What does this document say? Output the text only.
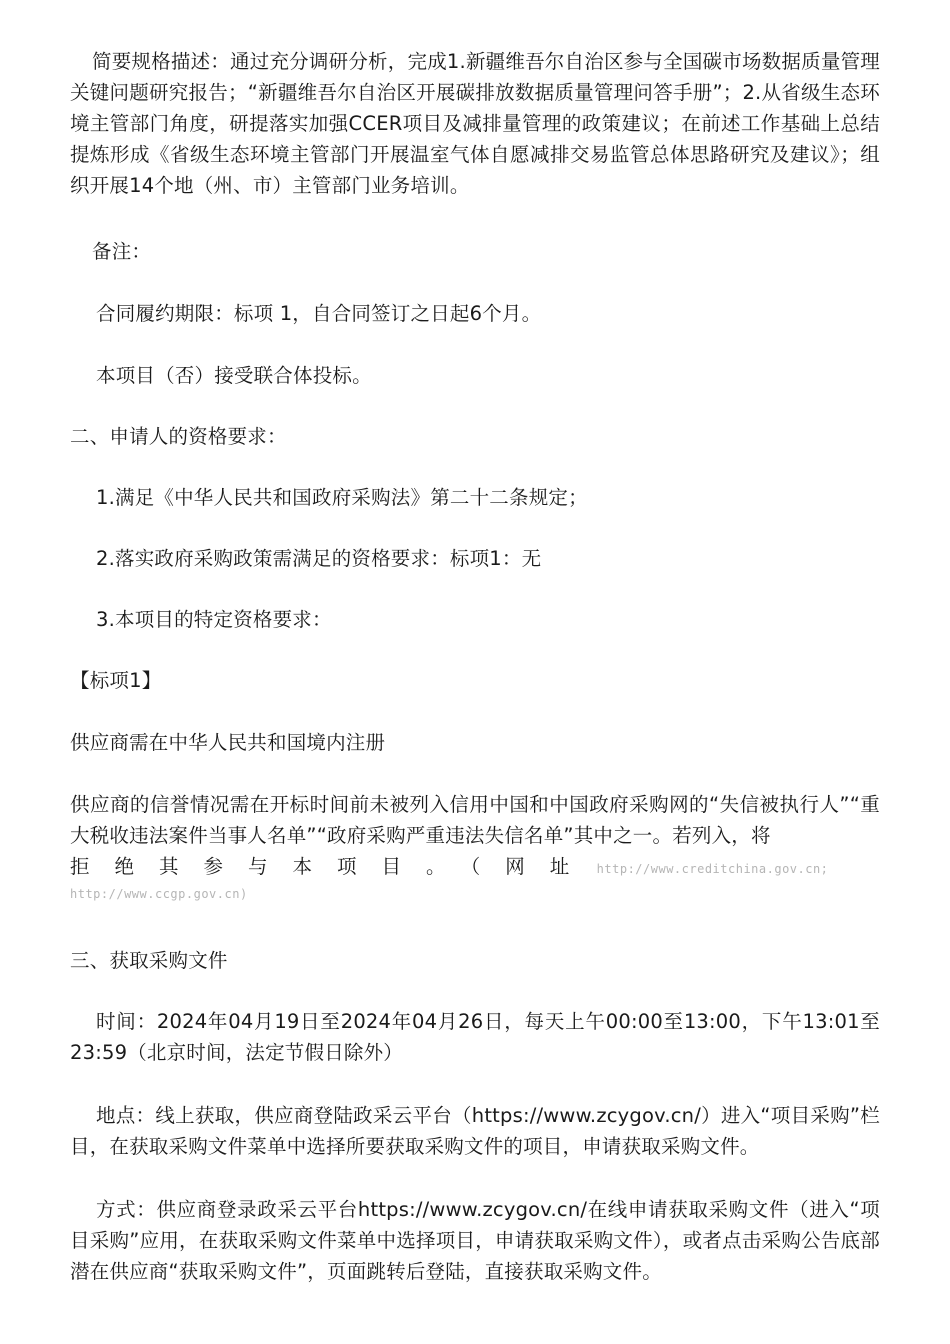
简要规格描述：通过充分调研分析，完成1.新疆维吾尔自治区参与全国碳市场数据质量管理关键问题研究报告；“新疆维吾尔自治区开展碳排放数据质量管理问答手册”；2.从省级生态环境主管部门角度，研提落实加强CCER项目及减排量管理的政策建议；在前述工作基础上总结提炼形成《省级生态环境主管部门开展温室气体自愿减排交易监管总体思路研究及建议》；组织开展14个地（州、市）主管部门业务培训。

备注：

合同履约期限：标项 1，自合同签订之日起6个月。

本项目（否）接受联合体投标。

二、申请人的资格要求：

1.满足《中华人民共和国政府采购法》第二十二条规定；

2.落实政府采购政策需满足的资格要求：标项1：无

3.本项目的特定资格要求：

【标项1】

供应商需在中华人民共和国境内注册

供应商的信誉情况需在开标时间前未被列入信用中国和中国政府采购网的“失信被执行人”“重大税收违法案件当事人名单”“政府采购严重违法失信名单”其中之一。若列入，将

拒绝其参与本项目。（网址 http://www.creditchina.gov.cn;
http://www.ccgp.gov.cn)

三、获取采购文件

时间：2024年04月19日至2024年04月26日，每天上午00:00至13:00，下午13:01至23:59（北京时间，法定节假日除外）

地点：线上获取，供应商登陆政采云平台（https://www.zcygov.cn/）进入“项目采购”栏目，在获取采购文件菜单中选择所要获取采购文件的项目，申请获取采购文件。

方式：供应商登录政采云平台https://www.zcygov.cn/在线申请获取采购文件（进入“项目采购”应用，在获取采购文件菜单中选择项目，申请获取采购文件），或者点击采购公告底部潜在供应商“获取采购文件”，页面跳转后登陆，直接获取采购文件。
